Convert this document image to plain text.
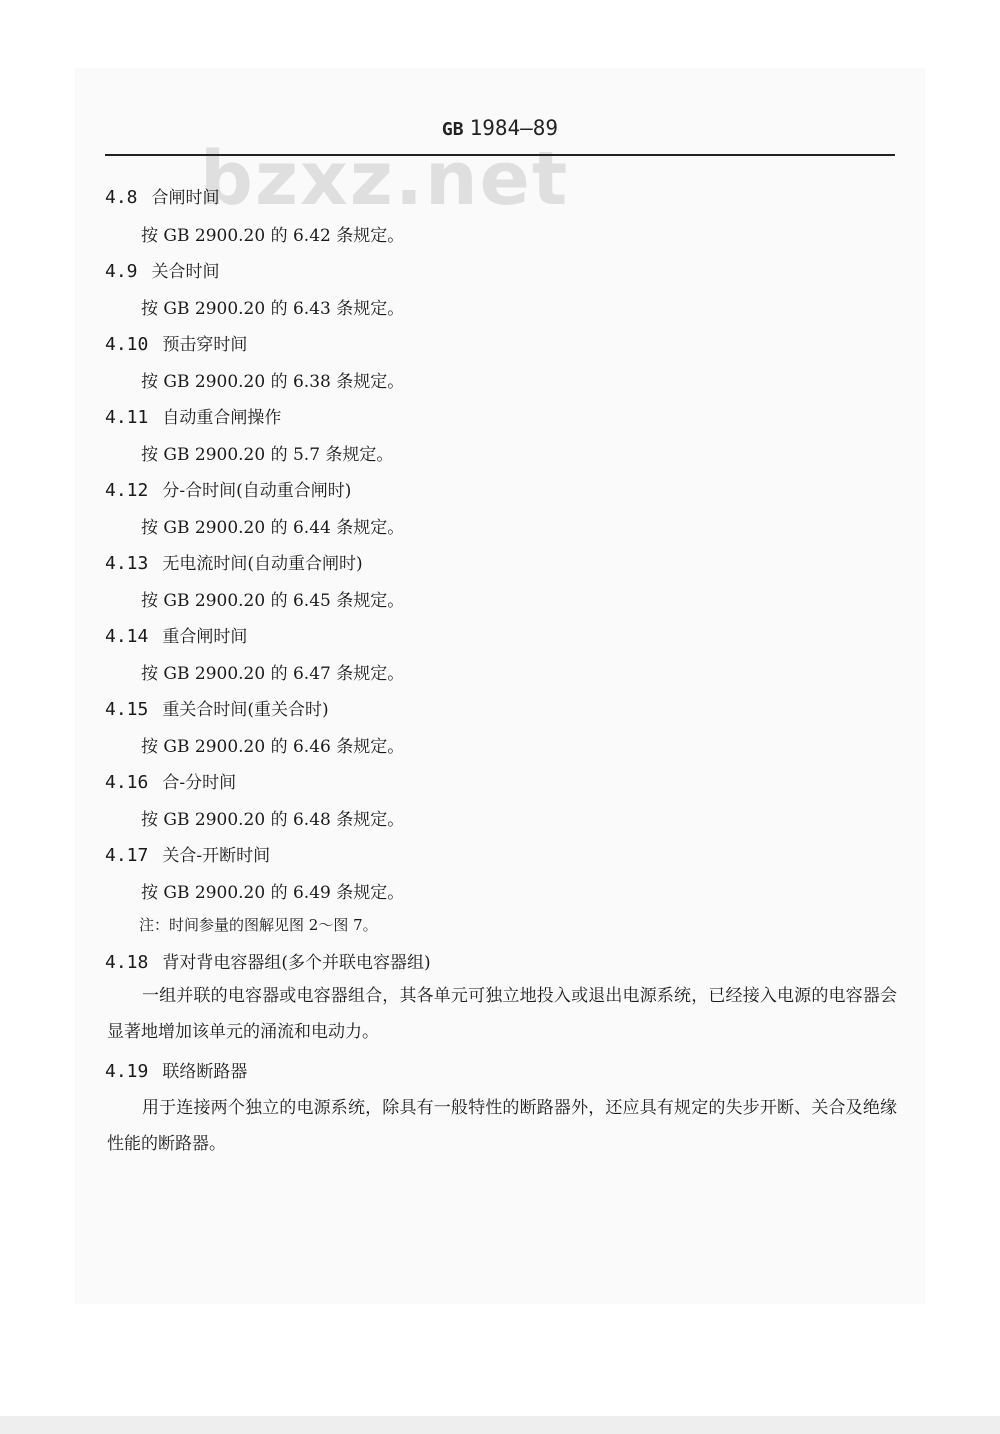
bzxz.net
GB 1984—89
4.8 合闸时间
按 GB 2900.20 的 6.42 条规定。
4.9 关合时间
按 GB 2900.20 的 6.43 条规定。
4.10 预击穿时间
按 GB 2900.20 的 6.38 条规定。
4.11 自动重合闸操作
按 GB 2900.20 的 5.7 条规定。
4.12 分-合时间(自动重合闸时)
按 GB 2900.20 的 6.44 条规定。
4.13 无电流时间(自动重合闸时)
按 GB 2900.20 的 6.45 条规定。
4.14 重合闸时间
按 GB 2900.20 的 6.47 条规定。
4.15 重关合时间(重关合时)
按 GB 2900.20 的 6.46 条规定。
4.16 合-分时间
按 GB 2900.20 的 6.48 条规定。
4.17 关合-开断时间
按 GB 2900.20 的 6.49 条规定。
注：时间参量的图解见图 2～图 7。
4.18 背对背电容器组(多个并联电容器组)
一组并联的电容器或电容器组合，其各单元可独立地投入或退出电源系统，已经接入电源的电容器会显著地增加该单元的涌流和电动力。
4.19 联络断路器
用于连接两个独立的电源系统，除具有一般特性的断路器外，还应具有规定的失步开断、关合及绝缘性能的断路器。
